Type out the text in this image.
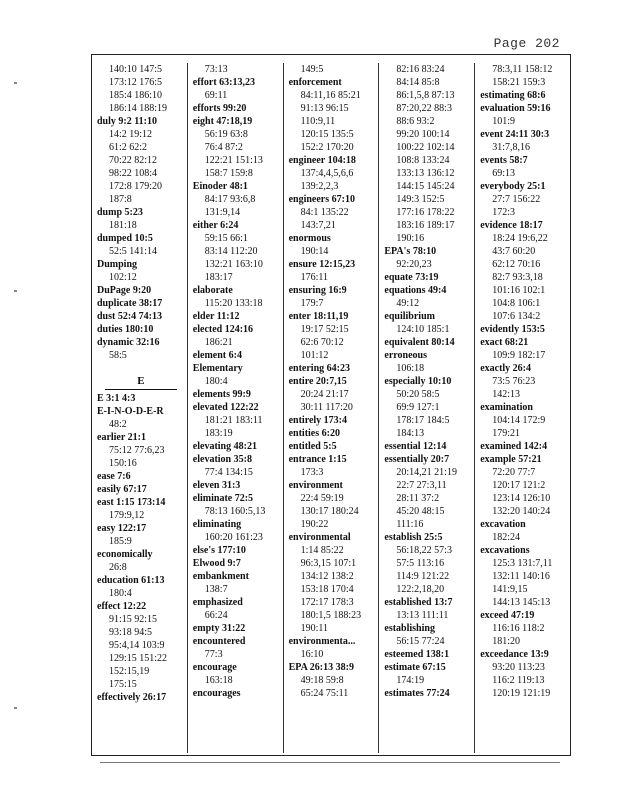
Page 202
140:10 147:5
173:12 176:5
185:4 186:10
186:14 188:19
duly 9:2 11:10
14:2 19:12
61:2 62:2
70:22 82:12
98:22 108:4
172:8 179:20
187:8
dump 5:23
181:18
dumped 10:5
52:5 141:14
Dumping
102:12
DuPage 9:20
duplicate 38:17
dust 52:4 74:13
duties 180:10
dynamic 32:16
58:5
E
E 3:1 4:3
E-I-N-O-D-E-R
48:2
earlier 21:1
75:12 77:6,23
150:16
ease 7:6
easily 67:17
east 1:15 173:14
179:9,12
easy 122:17
185:9
economically
26:8
education 61:13
180:4
effect 12:22
91:15 92:15
93:18 94:5
95:4,14 103:9
129:15 151:22
152:15,19
175:15
effectively 26:17
73:13
effort 63:13,23
69:11
efforts 99:20
eight 47:18,19
56:19 63:8
76:4 87:2
122:21 151:13
158:7 159:8
Einoder 48:1
84:17 93:6,8
131:9,14
either 6:24
59:15 66:1
83:14 112:20
132:21 163:10
183:17
elaborate
115:20 133:18
elder 11:12
elected 124:16
186:21
element 6:4
Elementary
180:4
elements 99:9
elevated 122:22
181:21 183:11
183:19
elevating 48:21
elevation 35:8
77:4 134:15
eleven 31:3
eliminate 72:5
78:13 160:5,13
eliminating
160:20 161:23
else's 177:10
Elwood 9:7
embankment
138:7
emphasized
66:24
empty 31:22
encountered
77:3
encourage
163:18
encourages
149:5
enforcement
84:11,16 85:21
91:13 96:15
110:9,11
120:15 135:5
152:2 170:20
engineer 104:18
137:4,4,5,6,6
139:2,2,3
engineers 67:10
84:1 135:22
143:7,21
enormous
190:14
ensure 12:15,23
176:11
ensuring 16:9
179:7
enter 18:11,19
19:17 52:15
62:6 70:12
101:12
entering 64:23
entire 20:7,15
20:24 21:17
30:11 117:20
entirely 173:4
entities 6:20
entitled 5:5
entrance 1:15
173:3
environment
22:4 59:19
130:17 180:24
190:22
environmental
1:14 85:22
96:3,15 107:1
134:12 138:2
153:18 170:4
172:17 178:3
180:1,5 188:23
190:11
environmenta...
16:10
EPA 26:13 38:9
49:18 59:8
65:24 75:11
82:16 83:24
84:14 85:8
86:1,5,8 87:13
87:20,22 88:3
88:6 93:2
99:20 100:14
100:22 102:14
108:8 133:24
133:13 136:12
144:15 145:24
149:3 152:5
177:16 178:22
183:16 189:17
190:16
EPA's 78:10
92:20,23
equate 73:19
equations 49:4
49:12
equilibrium
124:10 185:1
equivalent 80:14
erroneous
106:18
especially 10:10
50:20 58:5
69:9 127:1
178:17 184:5
184:13
essential 12:14
essentially 20:7
20:14,21 21:19
22:7 27:3,11
28:11 37:2
45:20 48:15
111:16
establish 25:5
56:18,22 57:3
57:5 113:16
114:9 121:22
122:2,18,20
established 13:7
13:13 111:11
establishing
56:15 77:24
esteemed 138:1
estimate 67:15
174:19
estimates 77:24
78:3,11 158:12
158:21 159:3
estimating 68:6
evaluation 59:16
101:9
event 24:11 30:3
31:7,8,16
events 58:7
69:13
everybody 25:1
27:7 156:22
172:3
evidence 18:17
18:24 19:6,22
43:7 60:20
62:12 70:16
82:7 93:3,18
101:16 102:1
104:8 106:1
107:6 134:2
evidently 153:5
exact 68:21
109:9 182:17
exactly 26:4
73:5 76:23
142:13
examination
104:14 172:9
179:21
examined 142:4
example 57:21
72:20 77:7
120:17 121:2
123:14 126:10
132:20 140:24
excavation
182:24
excavations
125:3 131:7,11
132:11 140:16
141:9,15
144:13 145:13
exceed 47:19
116:16 118:2
181:20
exceedance 13:9
93:20 113:23
116:2 119:13
120:19 121:19
